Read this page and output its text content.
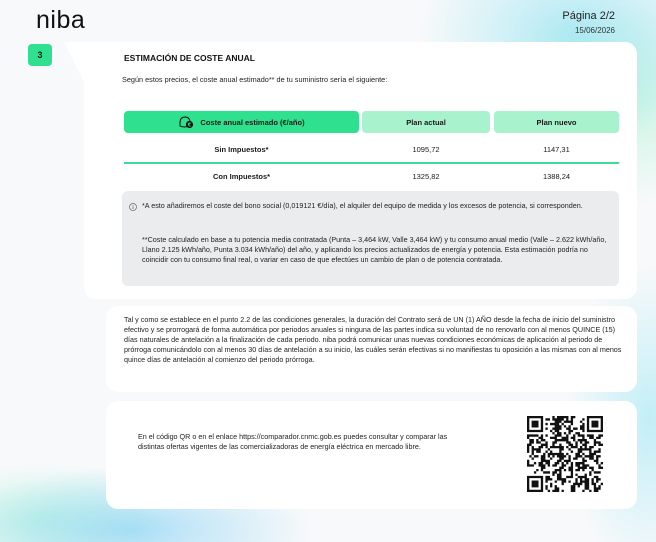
niba	Página 2/2
15/06/2026
3	ESTIMACIÓN DE COSTE ANUAL
Según estos precios, el coste anual estimado** de tu suministro sería el siguiente:
€ Coste anual estimado (€/año)	Plan actual	Plan nuevo
Sin Impuestos*	1095,72	1147,31
Con Impuestos*	1325,82	1388,24

*A esto añadiremos el coste del bono social (0,019121 €/día), el alquiler del equipo de medida y los excesos de potencia, si corresponden.

**Coste calculado en base a tu potencia media contratada (Punta – 3,464 kW, Valle 3,464 kW) y tu consumo anual medio (Valle – 2.622 kWh/año, Llano 2.125 kWh/año, Punta 3.034 kWh/año) del año, y aplicando los precios actualizados de energía y potencia. Esta estimación podría no coincidir con tu consumo final real, o variar en caso de que efectúes un cambio de plan o de potencia contratada.

Tal y como se establece en el punto 2.2 de las condiciones generales, la duración del Contrato será de UN (1) AÑO desde la fecha de inicio del suministro efectivo y se prorrogará de forma automática por periodos anuales si ninguna de las partes indica su voluntad de no renovarlo con al menos QUINCE (15) días naturales de antelación a la finalización de cada periodo. niba podrá comunicar unas nuevas condiciones económicas de aplicación al periodo de prórroga comunicándolo con al menos 30 días de antelación a su inicio, las cuáles serán efectivas si no manifiestas tu oposición a las mismas con al menos quince días de antelación al comienzo del periodo prórroga.

En el código QR o en el enlace https://comparador.cnmc.gob.es puedes consultar y comparar las distintas ofertas vigentes de las comercializadoras de energía eléctrica en mercado libre.
